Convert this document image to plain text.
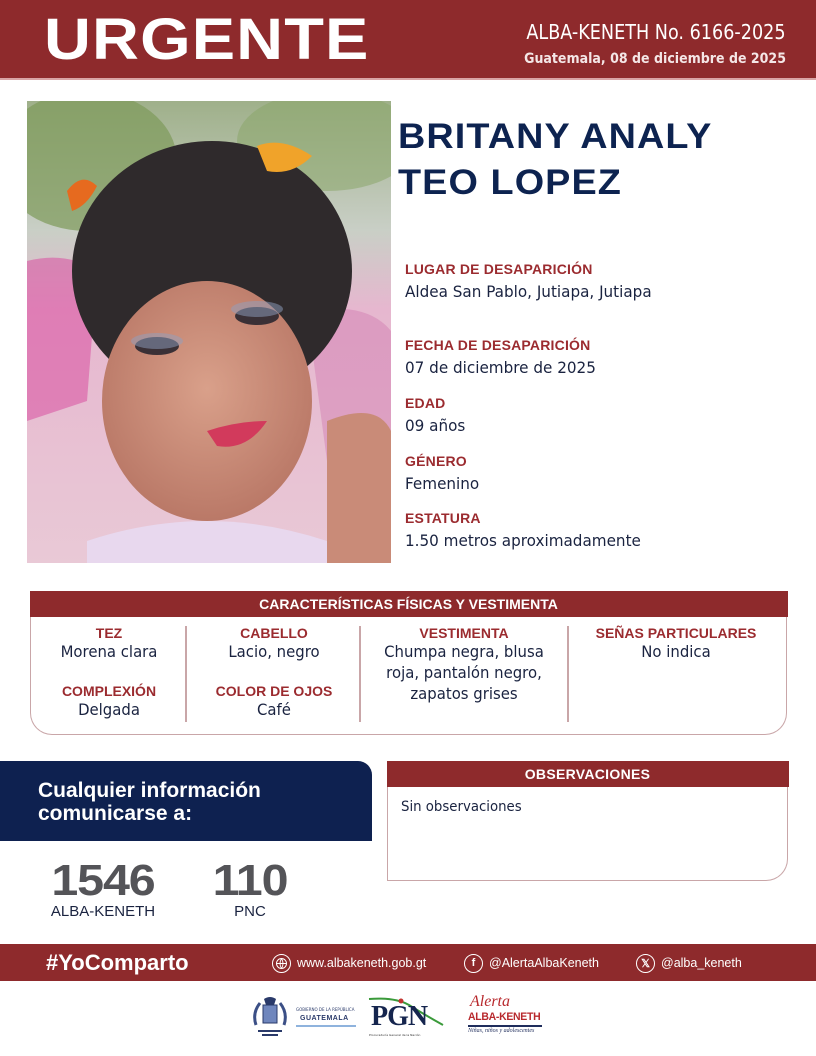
URGENTE	ALBA-KENETH No. 6166-2025
Guatemala, 08 de diciembre de 2025
BRITANY ANALY
TEO LOPEZ
LUGAR DE DESAPARICIÓN
Aldea San Pablo, Jutiapa, Jutiapa
FECHA DE DESAPARICIÓN
07 de diciembre de 2025
EDAD
09 años
GÉNERO
Femenino
ESTATURA
1.50 metros aproximadamente
CARACTERÍSTICAS FÍSICAS Y VESTIMENTA
TEZ
Morena clara
COMPLEXIÓN
Delgada
CABELLO
Lacio, negro
COLOR DE OJOS
Café
VESTIMENTA
Chumpa negra, blusa roja, pantalón negro, zapatos grises
SEÑAS PARTICULARES
No indica
Cualquier información
comunicarse a:
1546
ALBA-KENETH
110
PNC
OBSERVACIONES
Sin observaciones
#YoComparto	www.albakeneth.gob.gt	f	@AlertaAlbaKeneth	𝕏 @alba_keneth
GOBIERNO DE LA REPÚBLICA
GUATEMALA PGN
Procuraduría General de la Nación
Alerta
ALBA-KENETH
Niñas, niños y adolescentes
